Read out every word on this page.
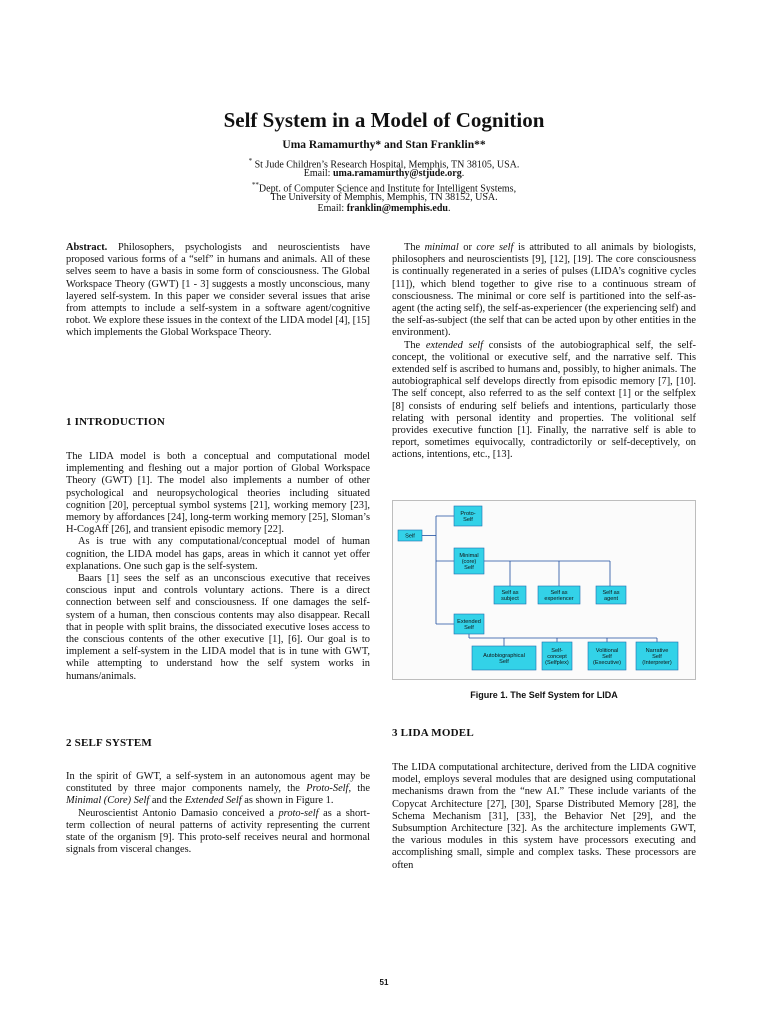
Self System in a Model of Cognition
Uma Ramamurthy* and Stan Franklin**
* St Jude Children’s Research Hospital, Memphis, TN 38105, USA.
Email: uma.ramamurthy@stjude.org.
**Dept. of Computer Science and Institute for Intelligent Systems,
The University of Memphis, Memphis, TN 38152, USA.
Email: franklin@memphis.edu.

Abstract. Philosophers, psychologists and neuroscientists have proposed various forms of a “self” in humans and animals. All of these selves seem to have a basis in some form of consciousness. The Global Workspace Theory (GWT) [1 - 3] suggests a mostly unconscious, many layered self-system. In this paper we consider several issues that arise from attempts to include a self-system in a software agent/cognitive robot. We explore these issues in the context of the LIDA model [4], [15] which implements the Global Workspace Theory.

1 INTRODUCTION

The LIDA model is both a conceptual and computational model implementing and fleshing out a major portion of Global Workspace Theory (GWT) [1]. The model also implements a number of other psychological and neuropsychological theories including situated cognition [20], perceptual symbol systems [21], working memory [23], memory by affordances [24], long-term working memory [25], Sloman’s H-CogAff [26], and transient episodic memory [22].

As is true with any computational/conceptual model of human cognition, the LIDA model has gaps, areas in which it cannot yet offer explanations. One such gap is the self-system.

Baars [1] sees the self as an unconscious executive that receives conscious input and controls voluntary actions. There is a direct connection between self and consciousness. If one damages the self-system of a human, then conscious contents may also disappear. Recall that in people with split brains, the dissociated executive loses access to the conscious contents of the other executive [1], [6]. Our goal is to implement a self-system in the LIDA model that is in tune with GWT, while attempting to understand how the self system works in humans/animals.

2 SELF SYSTEM

In the spirit of GWT, a self-system in an autonomous agent may be constituted by three major components namely, the Proto-Self, the Minimal (Core) Self and the Extended Self as shown in Figure 1.

Neuroscientist Antonio Damasio conceived a proto-self as a short-term collection of neural patterns of activity representing the current state of the organism [9]. This proto-self receives neural and hormonal signals from visceral changes.

The minimal or core self is attributed to all animals by biologists, philosophers and neuroscientists [9], [12], [19]. The core consciousness is continually regenerated in a series of pulses (LIDA’s cognitive cycles [11]), which blend together to give rise to a continuous stream of consciousness. The minimal or core self is partitioned into the self-as-agent (the acting self), the self-as-experiencer (the experiencing self) and the self-as-subject (the self that can be acted upon by other entities in the environment).

The extended self consists of the autobiographical self, the self-concept, the volitional or executive self, and the narrative self. This extended self is ascribed to humans and, possibly, to higher animals. The autobiographical self develops directly from episodic memory [7], [10]. The self concept, also referred to as the self context [1] or the selfplex [8] consists of enduring self beliefs and intentions, particularly those relating with personal identity and properties. The volitional self provides executive function [1]. Finally, the narrative self is able to report, sometimes equivocally, contradictorily or self-deceptively, on actions, intentions, etc., [13].

Self
Proto-
Self
Minimal
(core)
Self
Self as
subject
Self as
experiencer
Self as
agent
Extended
Self
Autobiographical
Self
Self-
concept
(Selfplex)
Volitional
Self
(Executive)
Narrative
Self
(Interpreter)
Figure 1. The Self System for LIDA
3 LIDA MODEL

The LIDA computational architecture, derived from the LIDA cognitive model, employs several modules that are designed using computational mechanisms drawn from the “new AI.” These include variants of the Copycat Architecture [27], [30], Sparse Distributed Memory [28], the Schema Mechanism [31], [33], the Behavior Net [29], and the Subsumption Architecture [32]. As the architecture implements GWT, the various modules in this system have processors executing and accomplishing small, simple and complex tasks. These processors are often

51
